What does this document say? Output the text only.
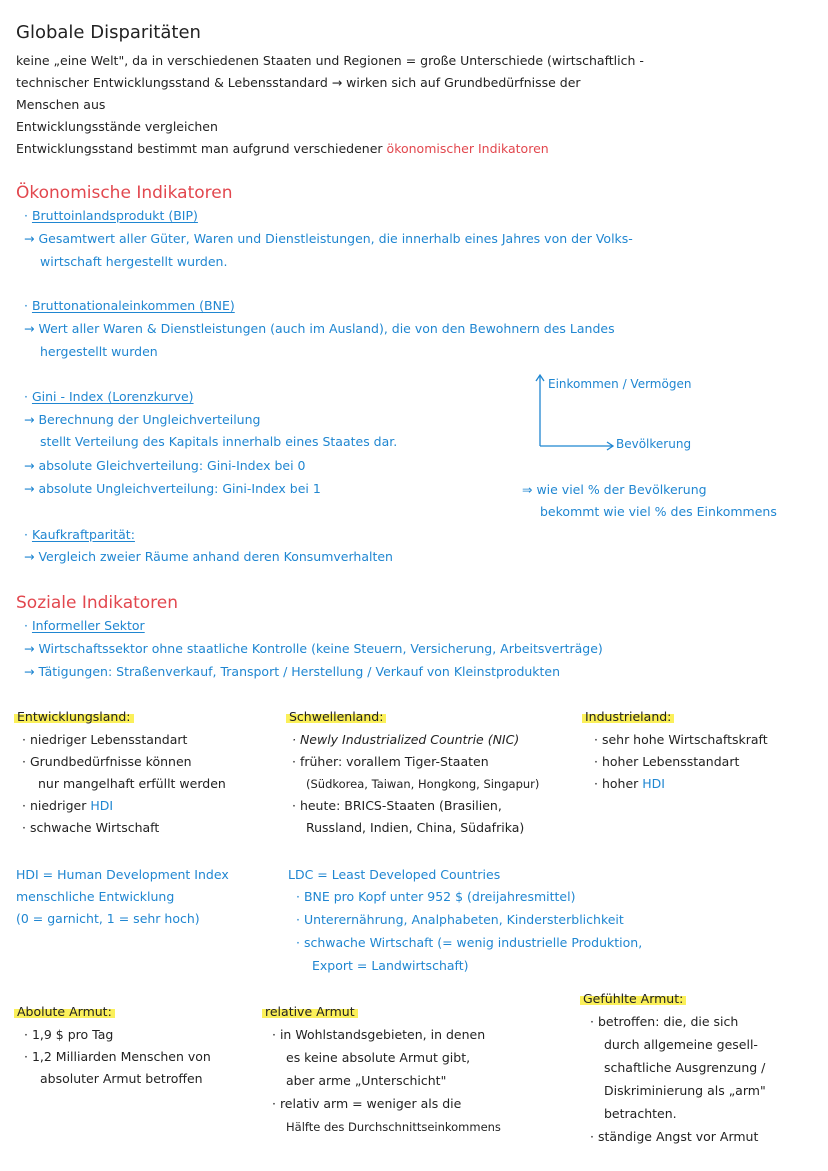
Globale Disparitäten
keine „eine Welt", da in verschiedenen Staaten und Regionen = große Unterschiede (wirtschaftlich -
technischer Entwicklungsstand & Lebensstandard → wirken sich auf Grundbedürfnisse der
Menschen aus
Entwicklungsstände vergleichen
Entwicklungsstand bestimmt man aufgrund verschiedener ökonomischer Indikatoren
Ökonomische Indikatoren
· Bruttoinlandsprodukt (BIP)
→ Gesamtwert aller Güter, Waren und Dienstleistungen, die innerhalb eines Jahres von der Volks-
wirtschaft hergestellt wurden.
· Bruttonationaleinkommen (BNE)
→ Wert aller Waren & Dienstleistungen (auch im Ausland), die von den Bewohnern des Landes
hergestellt wurden
· Gini - Index (Lorenzkurve)
→ Berechnung der Ungleichverteilung
stellt Verteilung des Kapitals innerhalb eines Staates dar.
→ absolute Gleichverteilung: Gini-Index bei 0
→ absolute Ungleichverteilung: Gini-Index bei 1
Einkommen / Vermögen
Bevölkerung
⇒ wie viel % der Bevölkerung
bekommt wie viel % des Einkommens
· Kaufkraftparität:
→ Vergleich zweier Räume anhand deren Konsumverhalten
Soziale Indikatoren
· Informeller Sektor
→ Wirtschaftssektor ohne staatliche Kontrolle (keine Steuern, Versicherung, Arbeitsverträge)
→ Tätigungen: Straßenverkauf, Transport / Herstellung / Verkauf von Kleinstprodukten
Entwicklungsland:
· niedriger Lebensstandart
· Grundbedürfnisse können
nur mangelhaft erfüllt werden
· niedriger HDI
· schwache Wirtschaft
Schwellenland:
· Newly Industrialized Countrie (NIC)
· früher: vorallem Tiger-Staaten
(Südkorea, Taiwan, Hongkong, Singapur)
· heute: BRICS-Staaten (Brasilien,
Russland, Indien, China, Südafrika)
Industrieland:
· sehr hohe Wirtschaftskraft
· hoher Lebensstandart
· hoher HDI
HDI = Human Development Index
menschliche Entwicklung
(0 = garnicht, 1 = sehr hoch)
LDC = Least Developed Countries
· BNE pro Kopf unter 952 $ (dreijahresmittel)
· Unterernährung, Analphabeten, Kindersterblichkeit
· schwache Wirtschaft (= wenig industrielle Produktion,
Export = Landwirtschaft)
Abolute Armut:
· 1,9 $ pro Tag
· 1,2 Milliarden Menschen von
absoluter Armut betroffen
relative Armut
· in Wohlstandsgebieten, in denen
es keine absolute Armut gibt,
aber arme „Unterschicht"
· relativ arm = weniger als die
Hälfte des Durchschnittseinkommens
Gefühlte Armut:
· betroffen: die, die sich
durch allgemeine gesell-
schaftliche Ausgrenzung /
Diskriminierung als „arm"
betrachten.
· ständige Angst vor Armut
